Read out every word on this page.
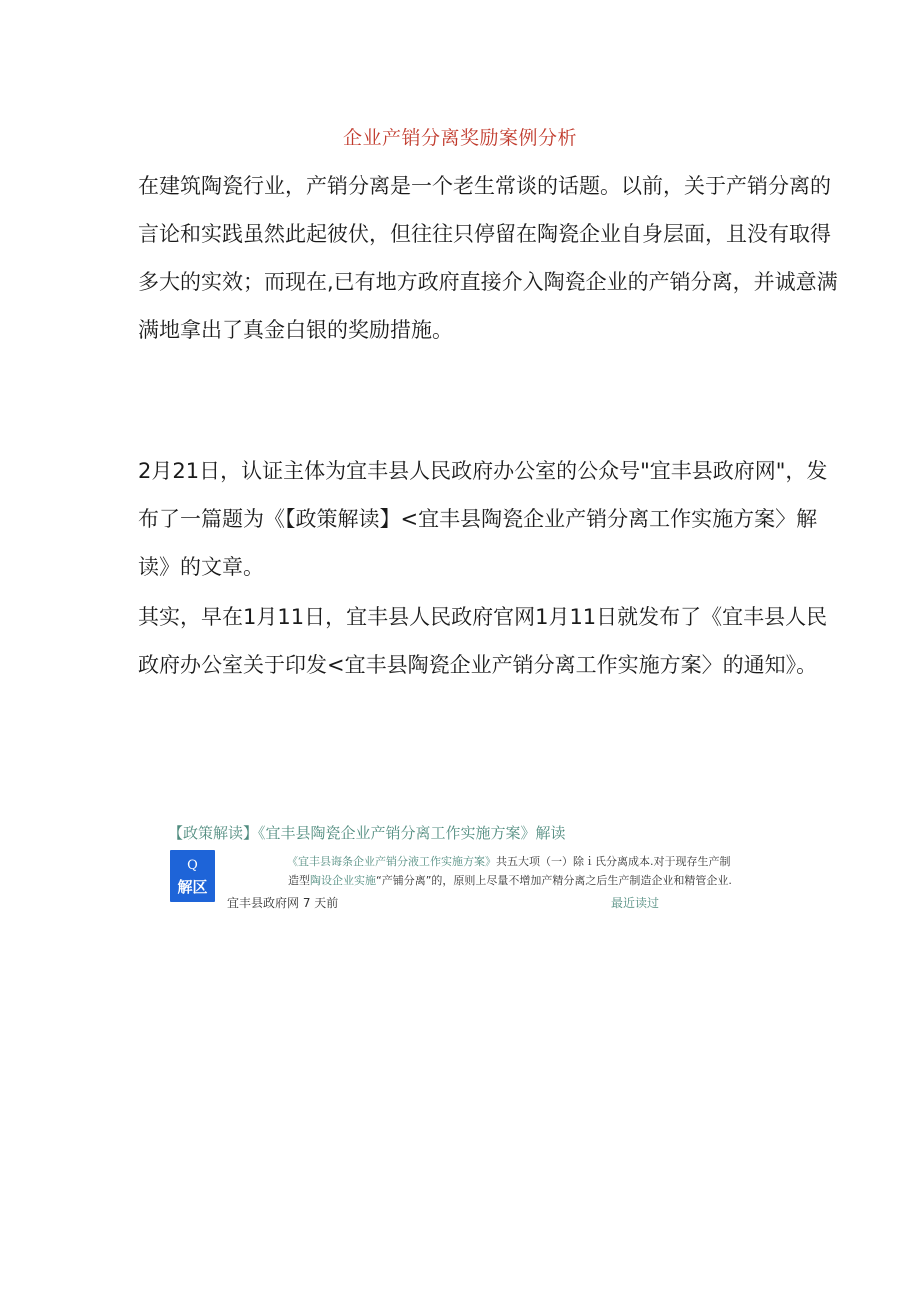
企业产销分离奖励案例分析

在建筑陶瓷行业，产销分离是一个老生常谈的话题。以前，关于产销分离的言论和实践虽然此起彼伏，但往往只停留在陶瓷企业自身层面，且没有取得多大的实效；而现在,已有地方政府直接介入陶瓷企业的产销分离，并诚意满满地拿出了真金白银的奖励措施。

2月21日，认证主体为宜丰县人民政府办公室的公众号"宜丰县政府网"，发布了一篇题为《【政策解读】<宜丰县陶瓷企业产销分离工作实施方案〉解读》的文章。

其实，早在1月11日，宜丰县人民政府官网1月11日就发布了《宜丰县人民政府办公室关于印发<宜丰县陶瓷企业产销分离工作实施方案〉的通知》。

【政策解读】《宜丰县陶瓷企业产销分离工作实施方案》解读
Q
解区
《宜丰县诲条企业产销分液工作实施方案》共五大项（一）除ｉ氏分离成本.对于现存生产制
造型陶设企业实施“产铺分离”的，原则上尽量不增加产精分离之后生产制造企业和精管企业.
宜丰县政府网 7 天前	最近读过
